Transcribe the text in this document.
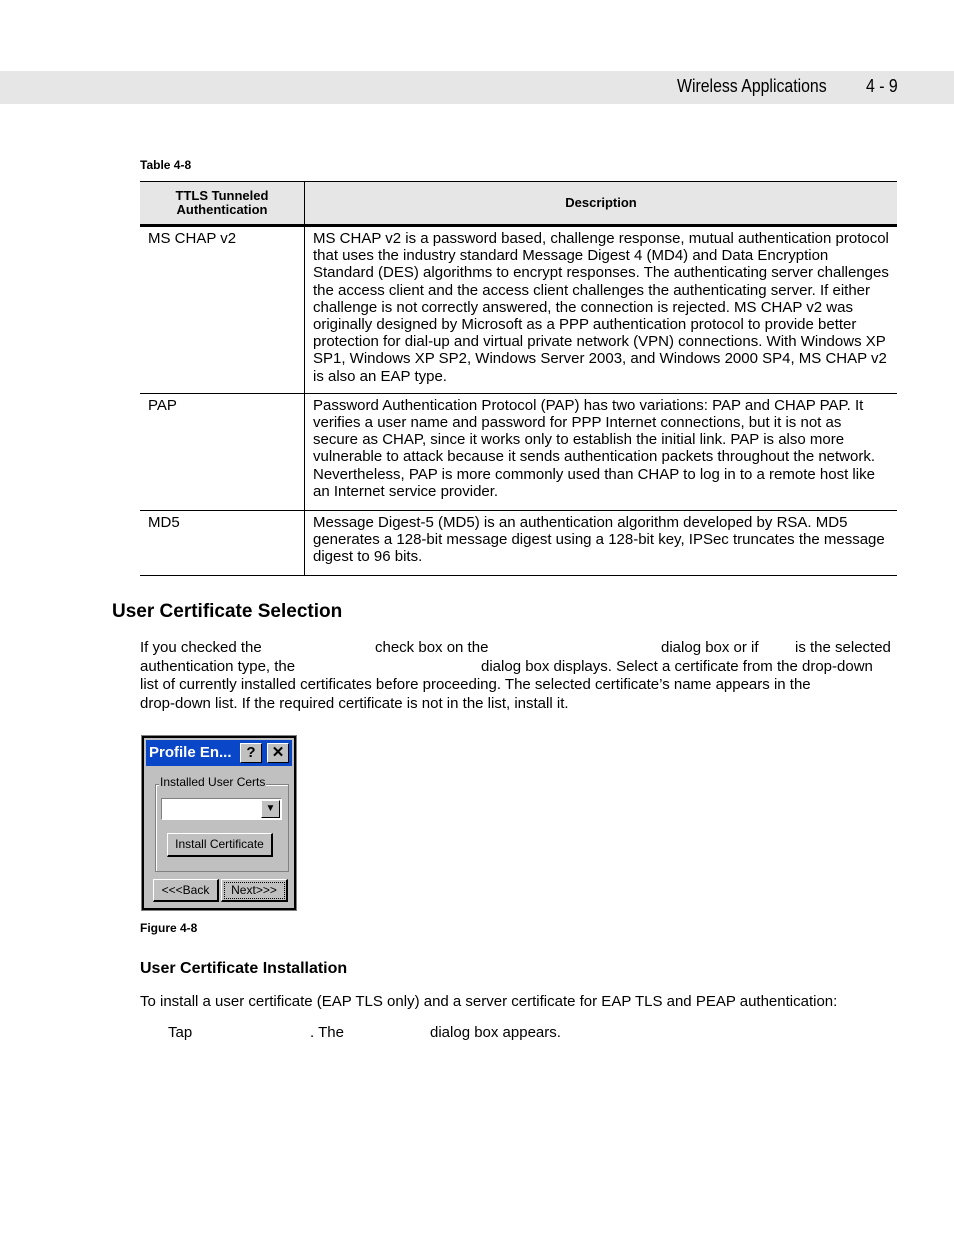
Wireless Applications 4 - 9
Table 4-8
TTLS Tunneled
Authentication	Description
MS CHAP v2	MS CHAP v2 is a password based, challenge response, mutual authentication protocol that uses the industry standard Message Digest 4 (MD4) and Data Encryption Standard (DES) algorithms to encrypt responses. The authenticating server challenges the access client and the access client challenges the authenticating server. If either challenge is not correctly answered, the connection is rejected. MS CHAP v2 was originally designed by Microsoft as a PPP authentication protocol to provide better protection for dial-up and virtual private network (VPN) connections. With Windows XP SP1, Windows XP SP2, Windows Server 2003, and Windows 2000 SP4, MS CHAP v2 is also an EAP type.
PAP	Password Authentication Protocol (PAP) has two variations: PAP and CHAP PAP. It verifies a user name and password for PPP Internet connections, but it is not as secure as CHAP, since it works only to establish the initial link. PAP is also more vulnerable to attack because it sends authentication packets throughout the network. Nevertheless, PAP is more commonly used than CHAP to log in to a remote host like an Internet service provider.
MD5	Message Digest-5 (MD5) is an authentication algorithm developed by RSA. MD5 generates a 128-bit message digest using a 128-bit key, IPSec truncates the message digest to 96 bits.
User Certificate Selection
If you checked the	check box on the	dialog box or if is the selected
authentication type, the	dialog box displays. Select a certificate from the drop-down
list of currently installed certificates before proceeding. The selected certificate’s name appears in the
drop-down list. If the required certificate is not in the list, install it.
Profile En... ?	✕
Installed User Certs
▼
Install Certificate
<<<Back	Next>>>
Figure 4-8
User Certificate Installation
To install a user certificate (EAP TLS only) and a server certificate for EAP TLS and PEAP authentication:
Tap	. The	dialog box appears.
